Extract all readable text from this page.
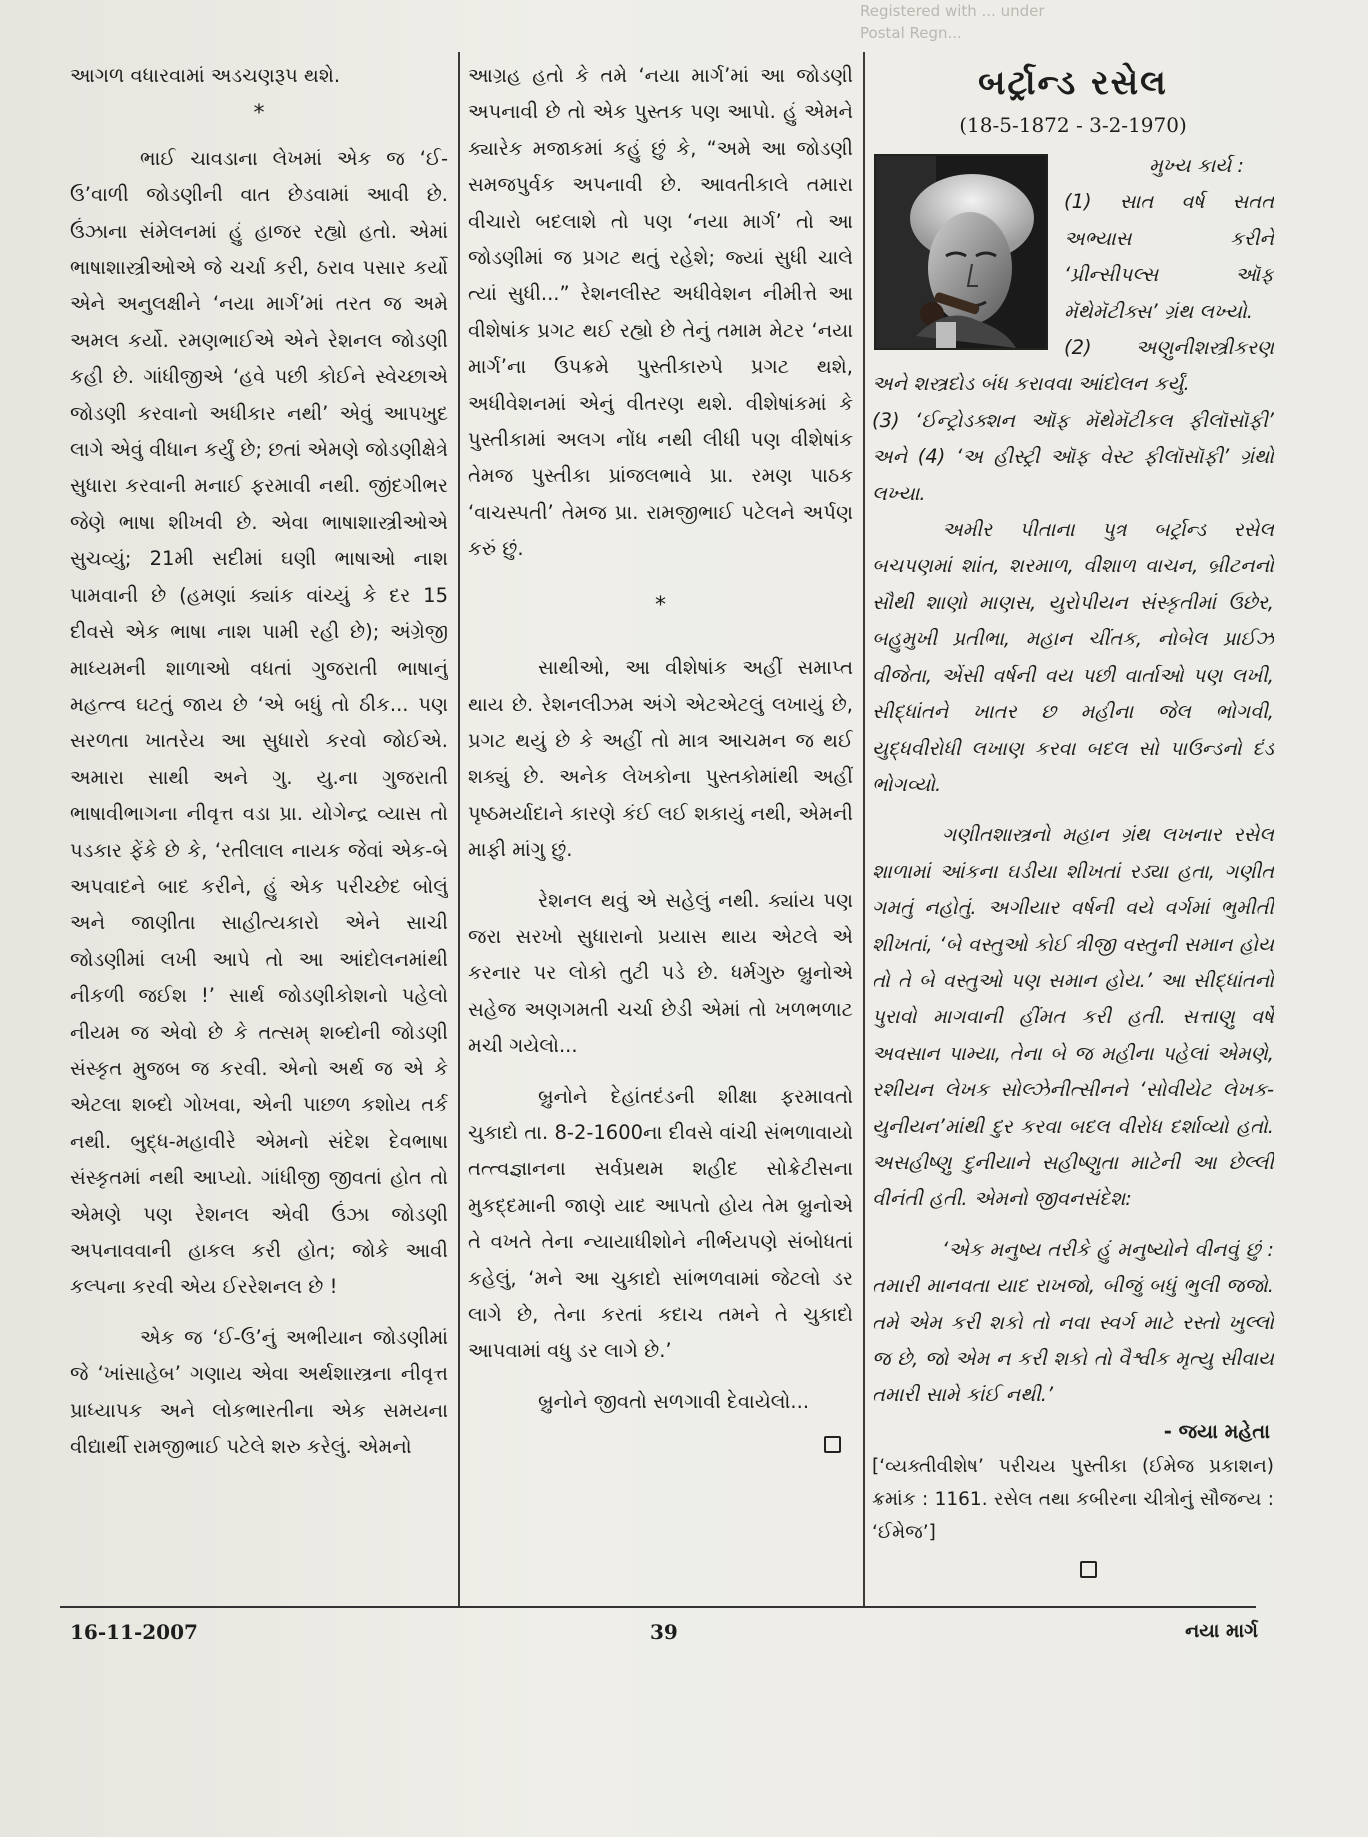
Registered with ... under
Postal Regn...

આગળ વધારવામાં અડચણરૂપ થશે.

*

ભાઈ ચાવડાના લેખમાં એક જ ‘ઈ-ઉ’વાળી જોડણીની વાત છેડવામાં આવી છે. ઉંઝાના સંમેલનમાં હું હાજર રહ્યો હતો. એમાં ભાષાશાસ્ત્રીઓએ જે ચર્ચા કરી, ઠરાવ પસાર કર્યો એને અનુલક્ષીને ‘નયા માર્ગ’માં તરત જ અમે અમલ કર્યો. રમણભાઈએ એને રેશનલ જોડણી કહી છે. ગાંધીજીએ ‘હવે પછી કોઈને સ્વેચ્છાએ જોડણી કરવાનો અધીકાર નથી’ એવું આપખુદ લાગે એવું વીધાન કર્યું છે; છતાં એમણે જોડણીક્ષેત્રે સુધારા કરવાની મનાઈ ફરમાવી નથી. જીંદગીભર જેણે ભાષા શીખવી છે. એવા ભાષાશાસ્ત્રીઓએ સુચવ્યું; 21મી સદીમાં ઘણી ભાષાઓ નાશ પામવાની છે (હમણાં ક્યાંક વાંચ્યું કે દર 15 દીવસે એક ભાષા નાશ પામી રહી છે); અંગ્રેજી માધ્યમની શાળાઓ વધતાં ગુજરાતી ભાષાનું મહત્ત્વ ઘટતું જાય છે ‘એ બધું તો ઠીક... પણ સરળતા ખાતરેય આ સુધારો કરવો જોઈએ. અમારા સાથી અને ગુ. યુ.ના ગુજરાતી ભાષાવીભાગના નીવૃત્ત વડા પ્રા. યોગેન્દ્ર વ્યાસ તો પડકાર ફેંકે છે કે, ‘રતીલાલ નાયક જેવાં એક-બે અપવાદને બાદ કરીને, હું એક પરીચ્છેદ બોલું અને જાણીતા સાહીત્યકારો એને સાચી જોડણીમાં લખી આપે તો આ આંદોલનમાંથી નીકળી જઈશ !’ સાર્થ જોડણીકોશનો પહેલો નીયમ જ એવો છે કે તત્સમ્ શબ્દોની જોડણી સંસ્કૃત મુજબ જ કરવી. એનો અર્થ જ એ કે એટલા શબ્દો ગોખવા, એની પાછળ કશોય તર્ક નથી. બુદ્ધ-મહાવીરે એમનો સંદેશ દેવભાષા સંસ્કૃતમાં નથી આપ્યો. ગાંધીજી જીવતાં હોત તો એમણે પણ રેશનલ એવી ઉંઝા જોડણી અપનાવવાની હાકલ કરી હોત; જોકે આવી કલ્પના કરવી એય ઈરરેશનલ છે !

એક જ ‘ઈ-ઉ’નું અભીયાન જોડણીમાં જે ‘ખાંસાહેબ’ ગણાય એવા અર્થશાસ્ત્રના નીવૃત્ત પ્રાધ્યાપક અને લોકભારતીના એક સમયના વીદ્યાર્થી રામજીભાઈ પટેલે શરુ કરેલું. એમનો

આગ્રહ હતો કે તમે ‘નયા માર્ગ’માં આ જોડણી અપનાવી છે તો એક પુસ્તક પણ આપો. હું એમને ક્યારેક મજાકમાં કહું છું કે, “અમે આ જોડણી સમજપુર્વક અપનાવી છે. આવતીકાલે તમારા વીચારો બદલાશે તો પણ ‘નયા માર્ગ’ તો આ જોડણીમાં જ પ્રગટ થતું રહેશે; જ્યાં સુધી ચાલે ત્યાં સુધી...” રેશનલીસ્ટ અધીવેશન નીમીત્તે આ વીશેષાંક પ્રગટ થઈ રહ્યો છે તેનું તમામ મેટર ‘નયા માર્ગ’ના ઉપક્રમે પુસ્તીકારુપે પ્રગટ થશે, અધીવેશનમાં એનું વીતરણ થશે. વીશેષાંકમાં કે પુસ્તીકામાં અલગ નોંધ નથી લીધી પણ વીશેષાંક તેમજ પુસ્તીકા પ્રાંજલભાવે પ્રા. રમણ પાઠક ‘વાચસ્પતી’ તેમજ પ્રા. રામજીભાઈ પટેલને અર્પણ કરું છું.

*

સાથીઓ, આ વીશેષાંક અહીં સમાપ્ત થાય છે. રેશનલીઝમ અંગે એટએટલું લખાયું છે, પ્રગટ થયું છે કે અહીં તો માત્ર આચમન જ થઈ શક્યું છે. અનેક લેખકોના પુસ્તકોમાંથી અહીં પૃષ્ઠમર્યાદાને કારણે કંઈ લઈ શકાયું નથી, એમની માફી માંગુ છું.

રેશનલ થવું એ સહેલું નથી. ક્યાંય પણ જરા સરખો સુધારાનો પ્રયાસ થાય એટલે એ કરનાર પર લોકો તુટી પડે છે. ધર્મગુરુ બ્રુનોએ સહેજ અણગમતી ચર્ચા છેડી એમાં તો ખળભળાટ મચી ગયેલો...

બ્રુનોને દેહાંતદંડની શીક્ષા ફરમાવતો ચુકાદો તા. 8-2-1600ના દીવસે વાંચી સંભળાવાયો તત્ત્વજ્ઞાનના સર્વપ્રથમ શહીદ સોક્રેટીસના મુકદ્દમાની જાણે યાદ આપતો હોય તેમ બ્રુનોએ તે વખતે તેના ન્યાયાધીશોને નીર્ભયપણે સંબોધતાં કહેલું, ‘મને આ ચુકાદો સાંભળવામાં જેટલો ડર લાગે છે, તેના કરતાં કદાચ તમને તે ચુકાદો આપવામાં વધુ ડર લાગે છે.’

બ્રુનોને જીવતો સળગાવી દેવાયેલો...

બર્ટ્રાન્ડ રસેલ
(18-5-1872 - 3-2-1970)

મુખ્ય કાર્ય :

(1) સાત વર્ષ સતત અભ્યાસ કરીને ‘પ્રીન્સીપલ્સ ઑફ મૅથેમૅટીક્સ’ ગ્રંથ લખ્યો.

(2) અણુનીશસ્ત્રીકરણ અને શસ્ત્રદોડ બંધ કરાવવા આંદોલન કર્યું.

(3) ‘ઈન્ટ્રોડક્શન ઑફ મૅથેમૅટીકલ ફીલૉસૉફી’ અને (4) ‘અ હીસ્ટ્રી ઑફ વેસ્ટ ફીલૉસૉફી’ ગ્રંથો લખ્યા.

અમીર પીતાના પુત્ર બર્ટ્રાન્ડ રસેલ બચપણમાં શાંત, શરમાળ, વીશાળ વાચન, બ્રીટનનો સૌથી શાણો માણસ, યુરોપીયન સંસ્કૃતીમાં ઉછેર, બહુમુખી પ્રતીભા, મહાન ચીંતક, નોબેલ પ્રાઈઝ વીજેતા, એંસી વર્ષની વય પછી વાર્તાઓ પણ લખી, સીદ્ધાંતને ખાતર છ મહીના જેલ ભોગવી, યુદ્ધવીરોધી લખાણ કરવા બદલ સો પાઉન્ડનો દંડ ભોગવ્યો.

ગણીતશાસ્ત્રનો મહાન ગ્રંથ લખનાર રસેલ શાળામાં આંકના ઘડીયા શીખતાં રડ્યા હતા, ગણીત ગમતું નહોતું. અગીયાર વર્ષની વયે વર્ગમાં ભુમીતી શીખતાં, ‘બે વસ્તુઓ કોઈ ત્રીજી વસ્તુની સમાન હોય તો તે બે વસ્તુઓ પણ સમાન હોય.’ આ સીદ્ધાંતનો પુરાવો માગવાની હીંમત કરી હતી. સત્તાણુ વર્ષે અવસાન પામ્યા, તેના બે જ મહીના પહેલાં એમણે, રશીયન લેખક સોલ્ઝેનીત્સીનને ‘સોવીયેટ લેખક-યુનીયન’માંથી દુર કરવા બદલ વીરોધ દર્શાવ્યો હતો. અસહીષ્ણુ દુનીયાને સહીષ્ણુતા માટેની આ છેલ્લી વીનંતી હતી. એમનો જીવનસંદેશ:

‘એક મનુષ્ય તરીકે હું મનુષ્યોને વીનવું છું : તમારી માનવતા યાદ રાખજો, બીજું બધું ભુલી જજો. તમે એમ કરી શકો તો નવા સ્વર્ગ માટે રસ્તો ખુલ્લો જ છે, જો એમ ન કરી શકો તો વૈશ્વીક મૃત્યુ સીવાય તમારી સામે કાંઈ નથી.’

- જયા મહેતા

[‘વ્યક્તીવીશેષ’ પરીચય પુસ્તીકા (ઈમેજ પ્રકાશન) ક્રમાંક : 1161. રસેલ તથા કબીરના ચીત્રોનું સૌજન્ય : ‘ઈમેજ’]

16-11-2007	39	નયા માર્ગ
